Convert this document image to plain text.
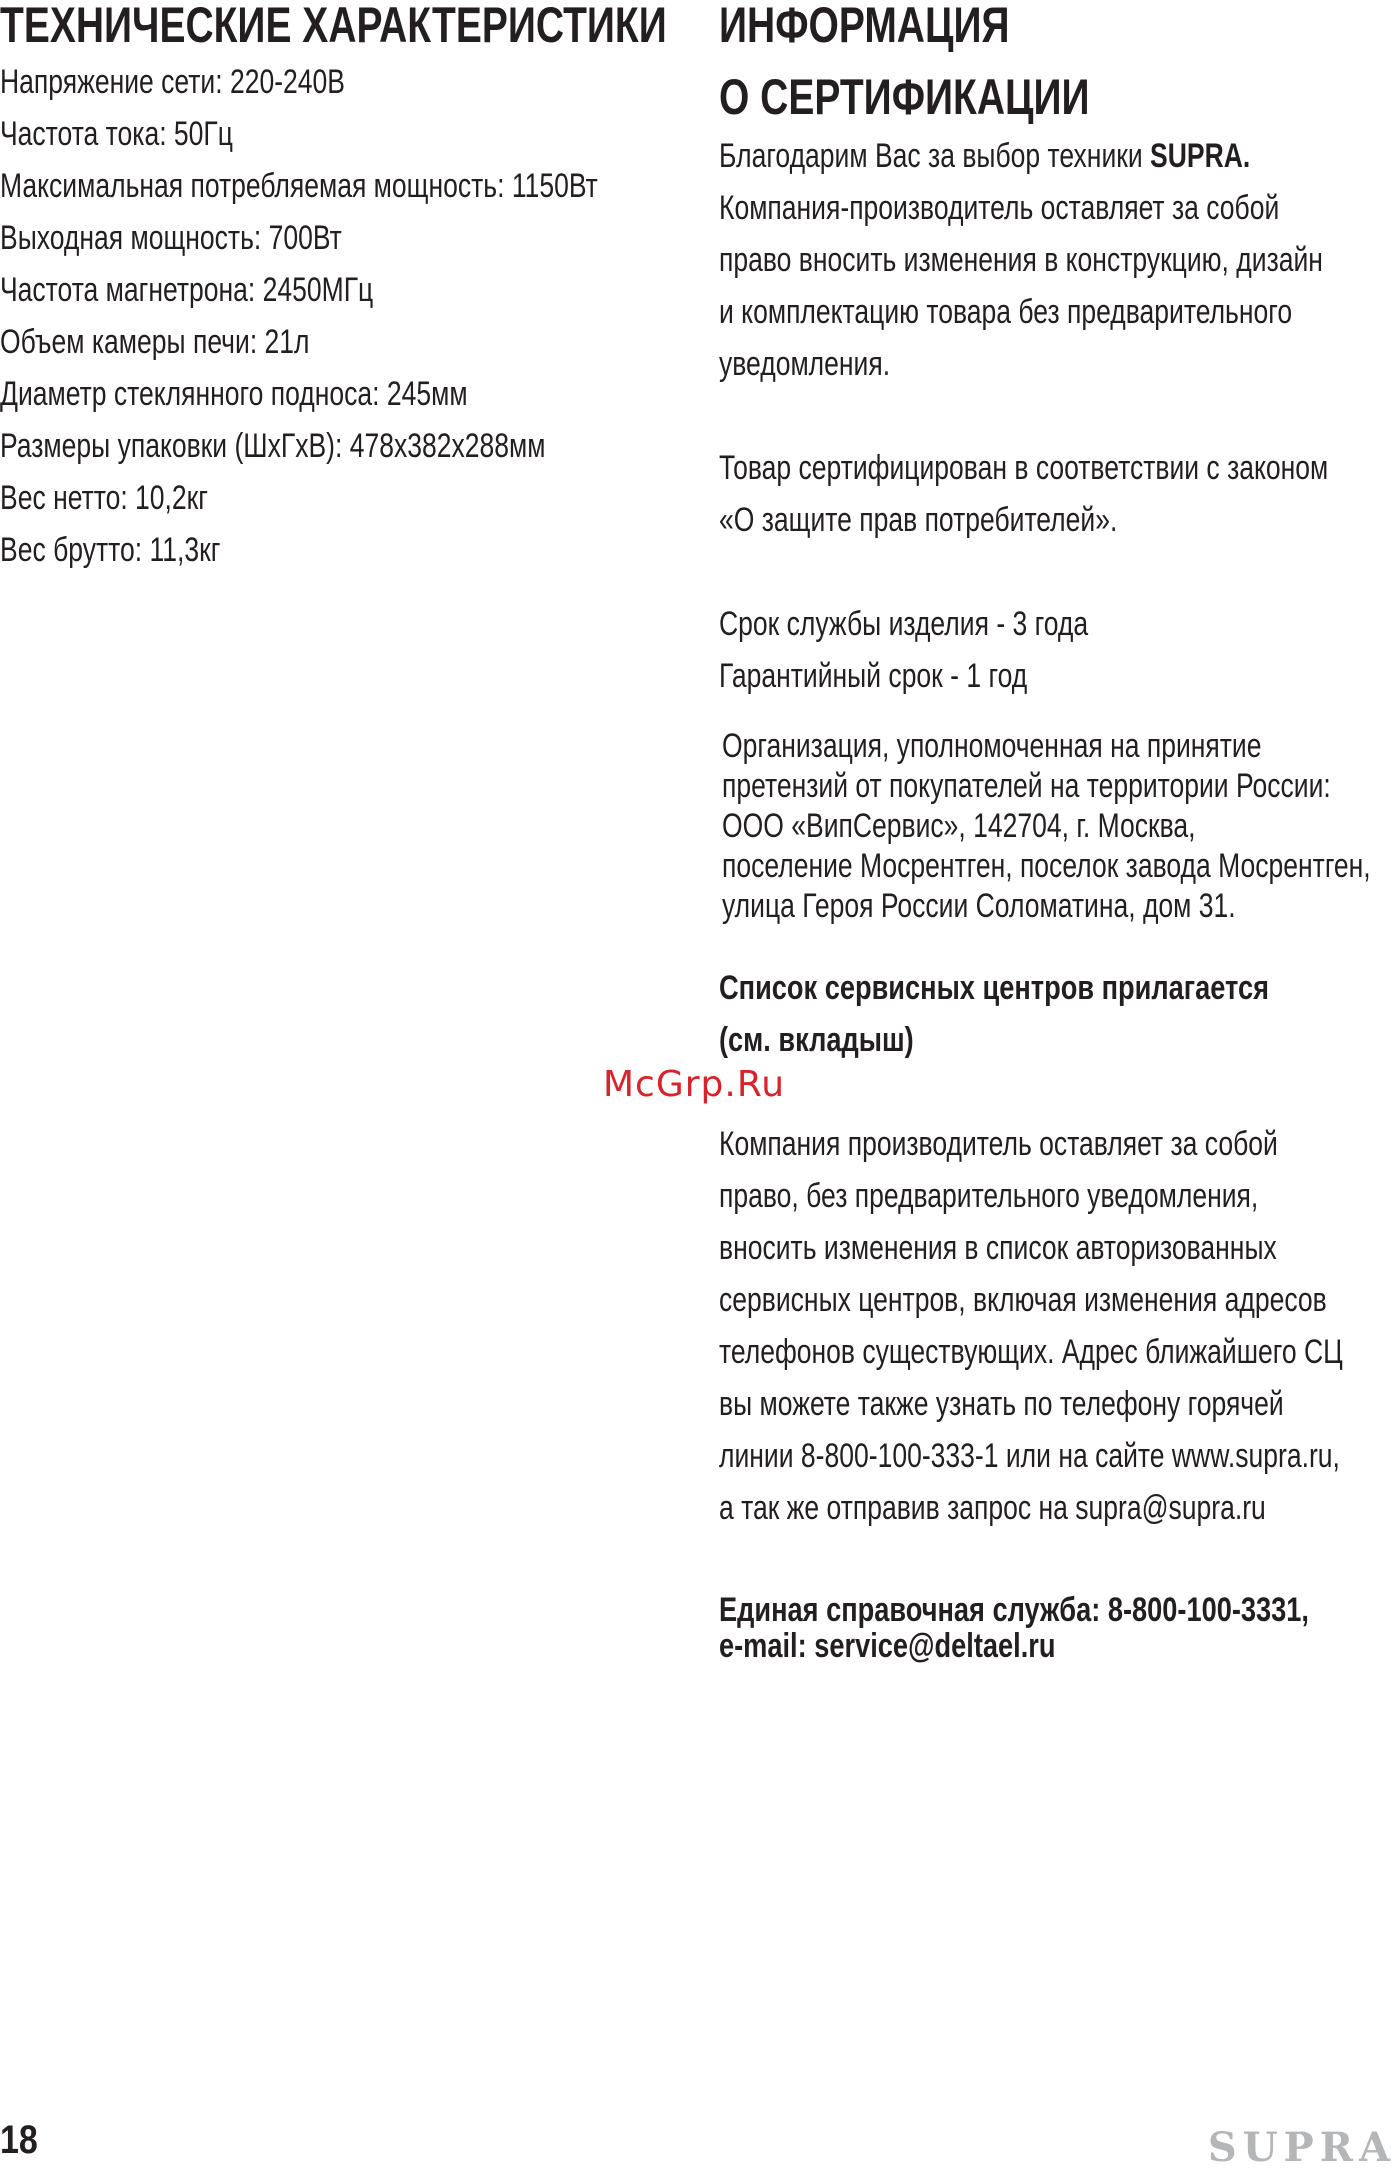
ТЕХНИЧЕСКИЕ ХАРАКТЕРИСТИКИ
Напряжение сети: 220-240В
Частота тока: 50Гц
Максимальная потребляемая мощность: 1150Вт
Выходная мощность: 700Вт
Частота магнетрона: 2450МГц
Объем камеры печи: 21л
Диаметр стеклянного подноса: 245мм
Размеры упаковки (ШхГхВ): 478х382х288мм
Вес нетто: 10,2кг
Вес брутто: 11,3кг
ИНФОРМАЦИЯ
О СЕРТИФИКАЦИИ
Благодарим Вас за выбор техники SUPRA.
Компания-производитель оставляет за собой
право вносить изменения в конструкцию, дизайн
и комплектацию товара без предварительного
уведомления.
Товар сертифицирован в соответствии с законом
«О защите прав потребителей».
Срок службы изделия - 3 года
Гарантийный срок - 1 год
Организация, уполномоченная на принятие
претензий от покупателей на территории России:
ООО «ВипСервис», 142704, г. Москва,
поселение Мосрентген, поселок завода Мосрентген,
улица Героя России Соломатина, дом 31.
Список сервисных центров прилагается
(см. вкладыш)
Компания производитель оставляет за собой
право, без предварительного уведомления,
вносить изменения в список авторизованных
сервисных центров, включая изменения адресов
телефонов существующих. Адрес ближайшего СЦ
вы можете также узнать по телефону горячей
линии 8-800-100-333-1 или на сайте www.supra.ru,
а так же отправив запрос на supra@supra.ru
Единая справочная служба: 8-800-100-3331,
e-mail: service@deltael.ru
McGrp.Ru
18	SUPRA
